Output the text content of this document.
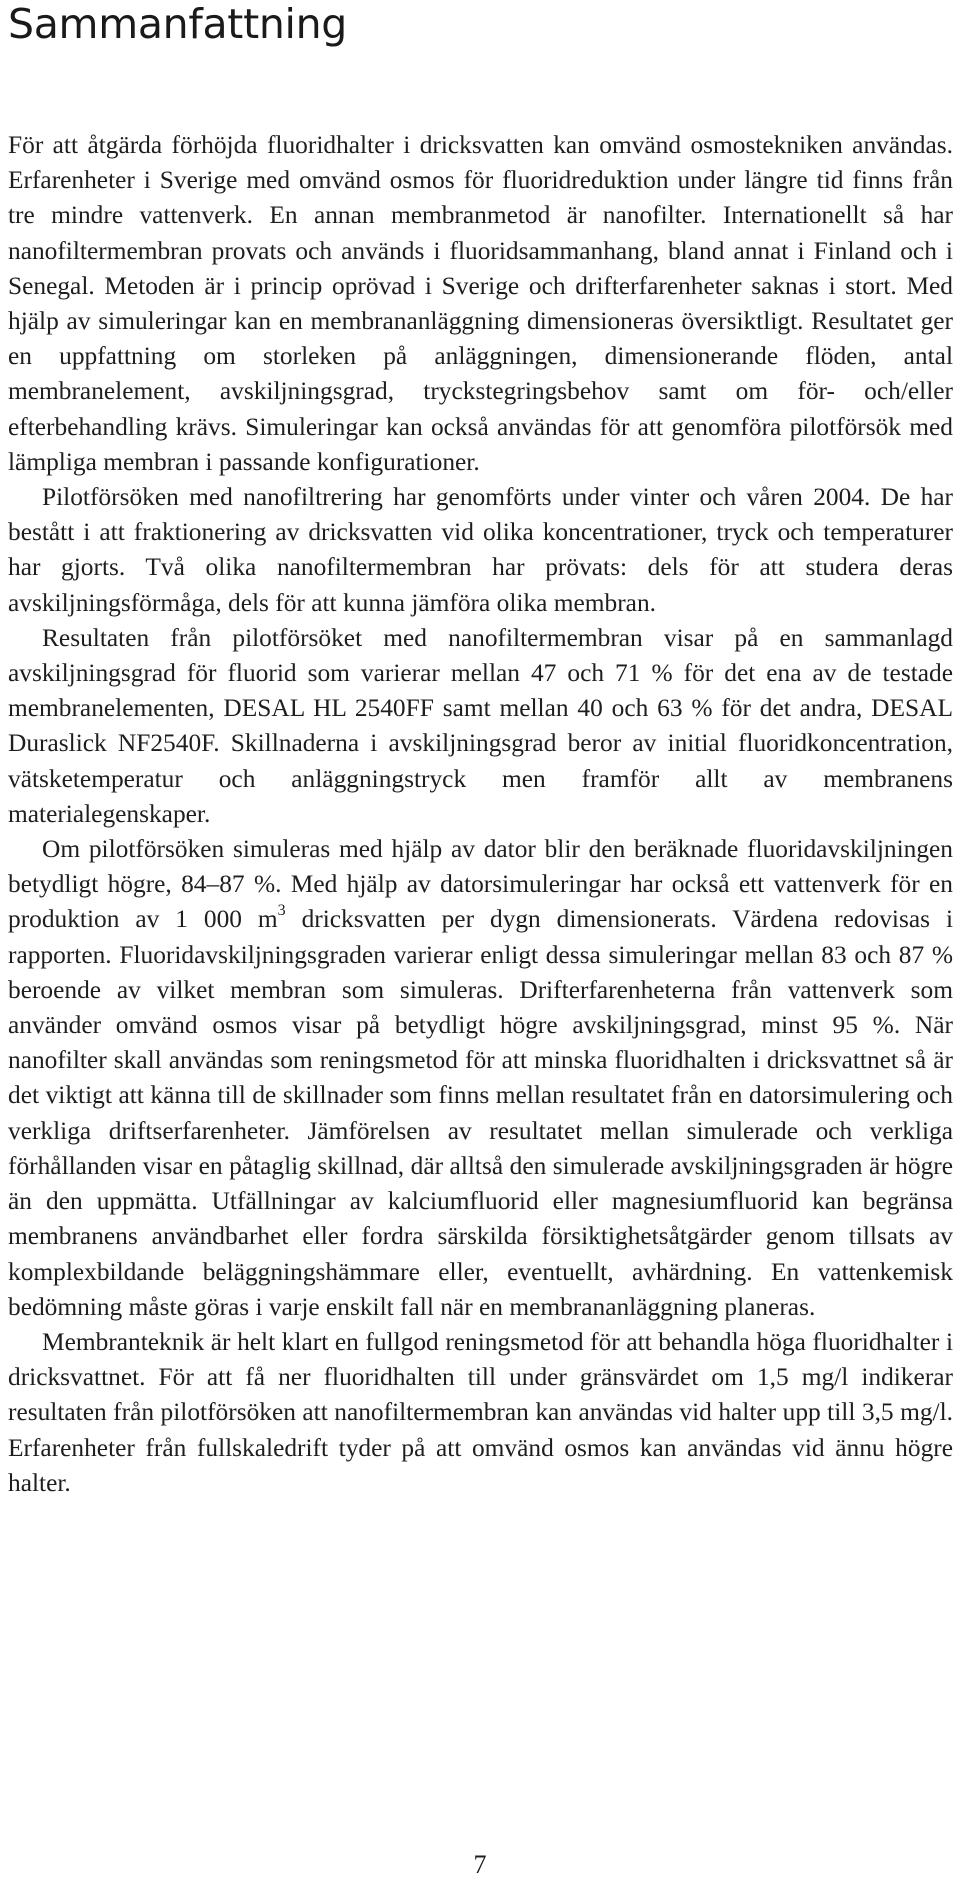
Sammanfattning

För att åtgärda förhöjda fluoridhalter i dricksvatten kan omvänd osmostekniken användas. Erfarenheter i Sverige med omvänd osmos för fluoridreduktion under längre tid finns från tre mindre vattenverk. En annan membranmetod är nanofilter. Internationellt så har nanofiltermembran provats och används i fluoridsammanhang, bland annat i Finland och i Senegal. Metoden är i princip oprövad i Sverige och drifterfarenheter saknas i stort. Med hjälp av simuleringar kan en membrananläggning dimensioneras översiktligt. Resultatet ger en uppfattning om storleken på anläggningen, dimensionerande flöden, antal membranelement, avskiljningsgrad, tryckstegringsbehov samt om för- och/eller efterbehandling krävs. Simuleringar kan också användas för att genomföra pilotförsök med lämpliga membran i passande konfigurationer.

Pilotförsöken med nanofiltrering har genomförts under vinter och våren 2004. De har bestått i att fraktionering av dricksvatten vid olika koncentrationer, tryck och temperaturer har gjorts. Två olika nanofiltermembran har prövats: dels för att studera deras avskiljningsförmåga, dels för att kunna jämföra olika membran.

Resultaten från pilotförsöket med nanofiltermembran visar på en sammanlagd avskiljningsgrad för fluorid som varierar mellan 47 och 71 % för det ena av de testade membranelementen, DESAL HL 2540FF samt mellan 40 och 63 % för det andra, DESAL Duraslick NF2540F. Skillnaderna i avskiljningsgrad beror av initial fluoridkoncentration, vätsketemperatur och anläggningstryck men framför allt av membranens materialegenskaper.

Om pilotförsöken simuleras med hjälp av dator blir den beräknade fluoridavskiljningen betydligt högre, 84–87 %. Med hjälp av datorsimuleringar har också ett vattenverk för en produktion av 1 000 $m^3$ dricksvatten per dygn dimensionerats. Värdena redovisas i rapporten. Fluoridavskiljningsgraden varierar enligt dessa simuleringar mellan 83 och 87 % beroende av vilket membran som simuleras. Drifterfarenheterna från vattenverk som använder omvänd osmos visar på betydligt högre avskiljningsgrad, minst 95 %. När nanofilter skall användas som reningsmetod för att minska fluoridhalten i dricksvattnet så är det viktigt att känna till de skillnader som finns mellan resultatet från en datorsimulering och verkliga driftserfarenheter. Jämförelsen av resultatet mellan simulerade och verkliga förhållanden visar en påtaglig skillnad, där alltså den simulerade avskiljningsgraden är högre än den uppmätta. Utfällningar av kalciumfluorid eller magnesiumfluorid kan begränsa membranens användbarhet eller fordra särskilda försiktighetsåtgärder genom tillsats av komplexbildande beläggningshämmare eller, eventuellt, avhärdning. En vattenkemisk bedömning måste göras i varje enskilt fall när en membrananläggning planeras.

Membranteknik är helt klart en fullgod reningsmetod för att behandla höga fluoridhalter i dricksvattnet. För att få ner fluoridhalten till under gränsvärdet om 1,5 mg/l indikerar resultaten från pilotförsöken att nanofiltermembran kan användas vid halter upp till 3,5 mg/l. Erfarenheter från fullskaledrift tyder på att omvänd osmos kan användas vid ännu högre halter.

7
